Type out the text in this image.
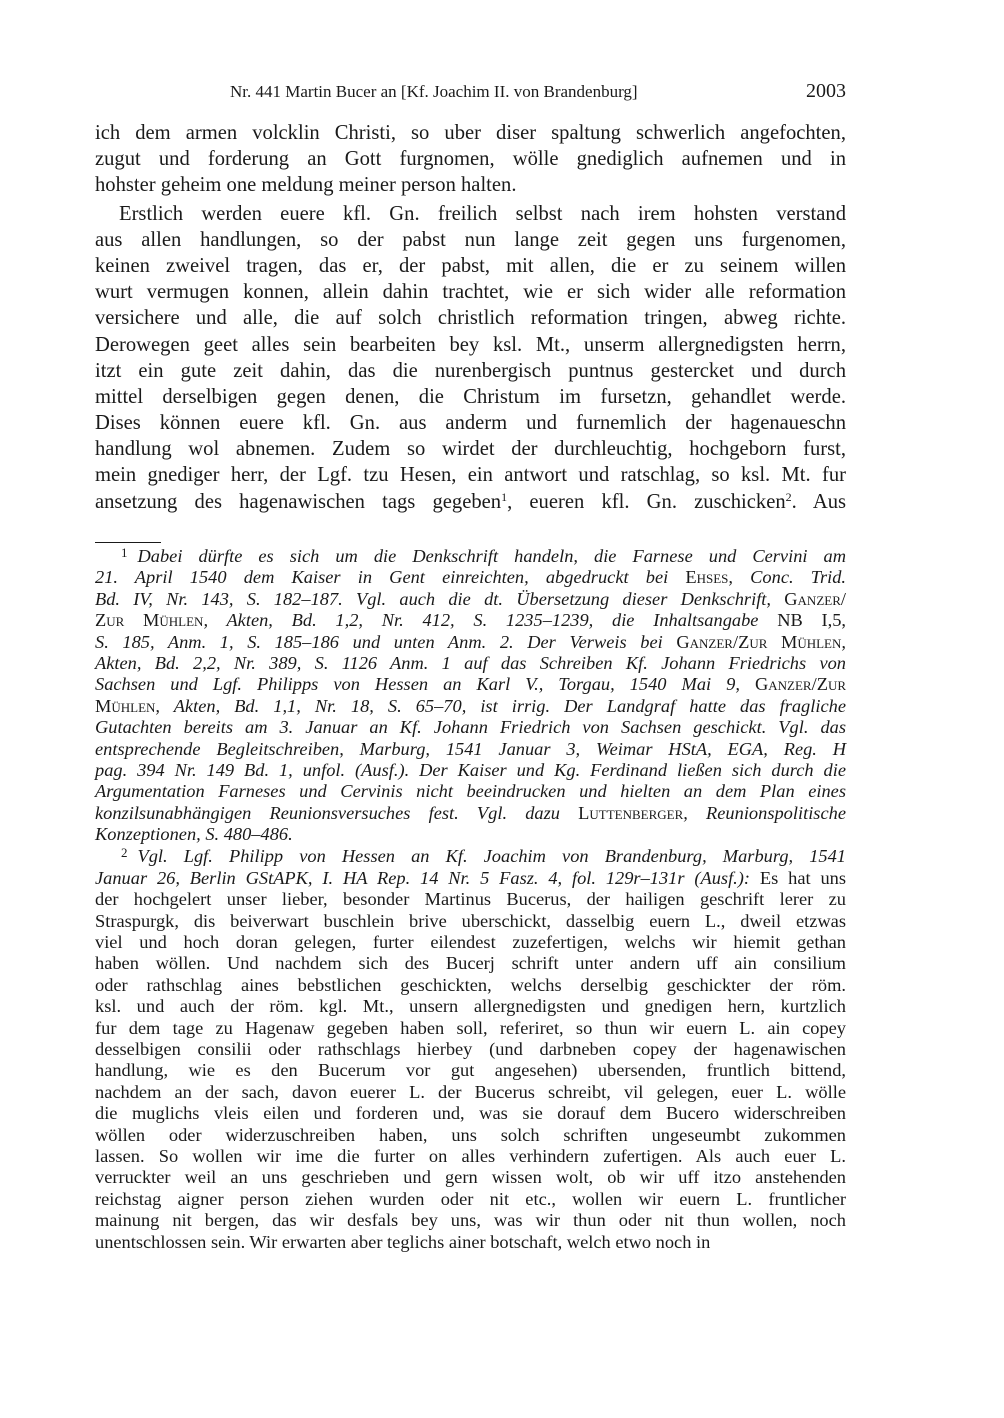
Nr. 441 Martin Bucer an [Kf. Joachim II. von Brandenburg]	2003

ich dem armen volcklin Christi, so uber diser spaltung schwerlich angefochten,
zugut und forderung an Gott furgnomen, wölle gnediglich aufnemen und in
hohster geheim one meldung meiner person halten.

Erstlich werden euere kfl. Gn. freilich selbst nach irem hohsten verstand
aus allen handlungen, so der pabst nun lange zeit gegen uns furgenomen,
keinen zweivel tragen, das er, der pabst, mit allen, die er zu seinem willen
wurt vermugen konnen, allein dahin trachtet, wie er sich wider alle reformation
versichere und alle, die auf solch christlich reformation tringen, abweg richte.
Derowegen geet alles sein bearbeiten bey ksl. Mt., unserm allergnedigsten herrn,
itzt ein gute zeit dahin, das die nurenbergisch puntnus gestercket und durch
mittel derselbigen gegen denen, die Christum im fursetzn, gehandlet werde.
Dises können euere kfl. Gn. aus anderm und furnemlich der hagenaueschn
handlung wol abnemen. Zudem so wirdet der durchleuchtig, hochgeborn furst,
mein gnediger herr, der Lgf. tzu Hesen, ein antwort und ratschlag, so ksl. Mt. fur
ansetzung des hagenawischen tags gegeben$^1$, eueren kfl. Gn. zuschicken$^2$. Aus

$^1$ Dabei dürfte es sich um die Denkschrift handeln, die Farnese und Cervini am
21. April 1540 dem Kaiser in Gent einreichten, abgedruckt bei Ehses, Conc. Trid.
Bd. IV, Nr. 143, S. 182–187. Vgl. auch die dt. Übersetzung dieser Denkschrift, Ganzer/
Zur Mühlen, Akten, Bd. 1,2, Nr. 412, S. 1235–1239, die Inhaltsangabe NB I,5,
S. 185, Anm. 1, S. 185–186 und unten Anm. 2. Der Verweis bei Ganzer/Zur Mühlen,
Akten, Bd. 2,2, Nr. 389, S. 1126 Anm. 1 auf das Schreiben Kf. Johann Friedrichs von
Sachsen und Lgf. Philipps von Hessen an Karl V., Torgau, 1540 Mai 9, Ganzer/Zur
Mühlen, Akten, Bd. 1,1, Nr. 18, S. 65–70, ist irrig. Der Landgraf hatte das fragliche
Gutachten bereits am 3. Januar an Kf. Johann Friedrich von Sachsen geschickt. Vgl. das
entsprechende Begleitschreiben, Marburg, 1541 Januar 3, Weimar HStA, EGA, Reg. H
pag. 394 Nr. 149 Bd. 1, unfol. (Ausf.). Der Kaiser und Kg. Ferdinand ließen sich durch die
Argumentation Farneses und Cervinis nicht beeindrucken und hielten an dem Plan eines
konzilsunabhängigen Reunionsversuches fest. Vgl. dazu Luttenberger, Reunionspolitische
Konzeptionen, S. 480–486.

$^2$ Vgl. Lgf. Philipp von Hessen an Kf. Joachim von Brandenburg, Marburg, 1541
Januar 26, Berlin GStAPK, I. HA Rep. 14 Nr. 5 Fasz. 4, fol. 129r–131r (Ausf.): Es hat uns
der hochgelert unser lieber, besonder Martinus Bucerus, der hailigen geschrift lerer zu
Straspurgk, dis beiverwart buschlein brive uberschickt, dasselbig euern L., dweil etzwas
viel und hoch doran gelegen, furter eilendest zuzefertigen, welchs wir hiemit gethan
haben wöllen. Und nachdem sich des Bucerj schrift unter andern uff ain consilium
oder rathschlag aines bebstlichen geschickten, welchs derselbig geschickter der röm.
ksl. und auch der röm. kgl. Mt., unsern allergnedigsten und gnedigen hern, kurtzlich
fur dem tage zu Hagenaw gegeben haben soll, referiret, so thun wir euern L. ain copey
desselbigen consilii oder rathschlags hierbey (und darbneben copey der hagenawischen
handlung, wie es den Bucerum vor gut angesehen) ubersenden, fruntlich bittend,
nachdem an der sach, davon euerer L. der Bucerus schreibt, vil gelegen, euer L. wölle
die muglichs vleis eilen und forderen und, was sie dorauf dem Bucero widerschreiben
wöllen oder widerzuschreiben haben, uns solch schriften ungeseumbt zukommen
lassen. So wollen wir ime die furter on alles verhindern zufertigen. Als auch euer L.
verruckter weil an uns geschrieben und gern wissen wolt, ob wir uff itzo anstehenden
reichstag aigner person ziehen wurden oder nit etc., wollen wir euern L. fruntlicher
mainung nit bergen, das wir desfals bey uns, was wir thun oder nit thun wollen, noch
unentschlossen sein. Wir erwarten aber teglichs ainer botschaft, welch etwo noch in
